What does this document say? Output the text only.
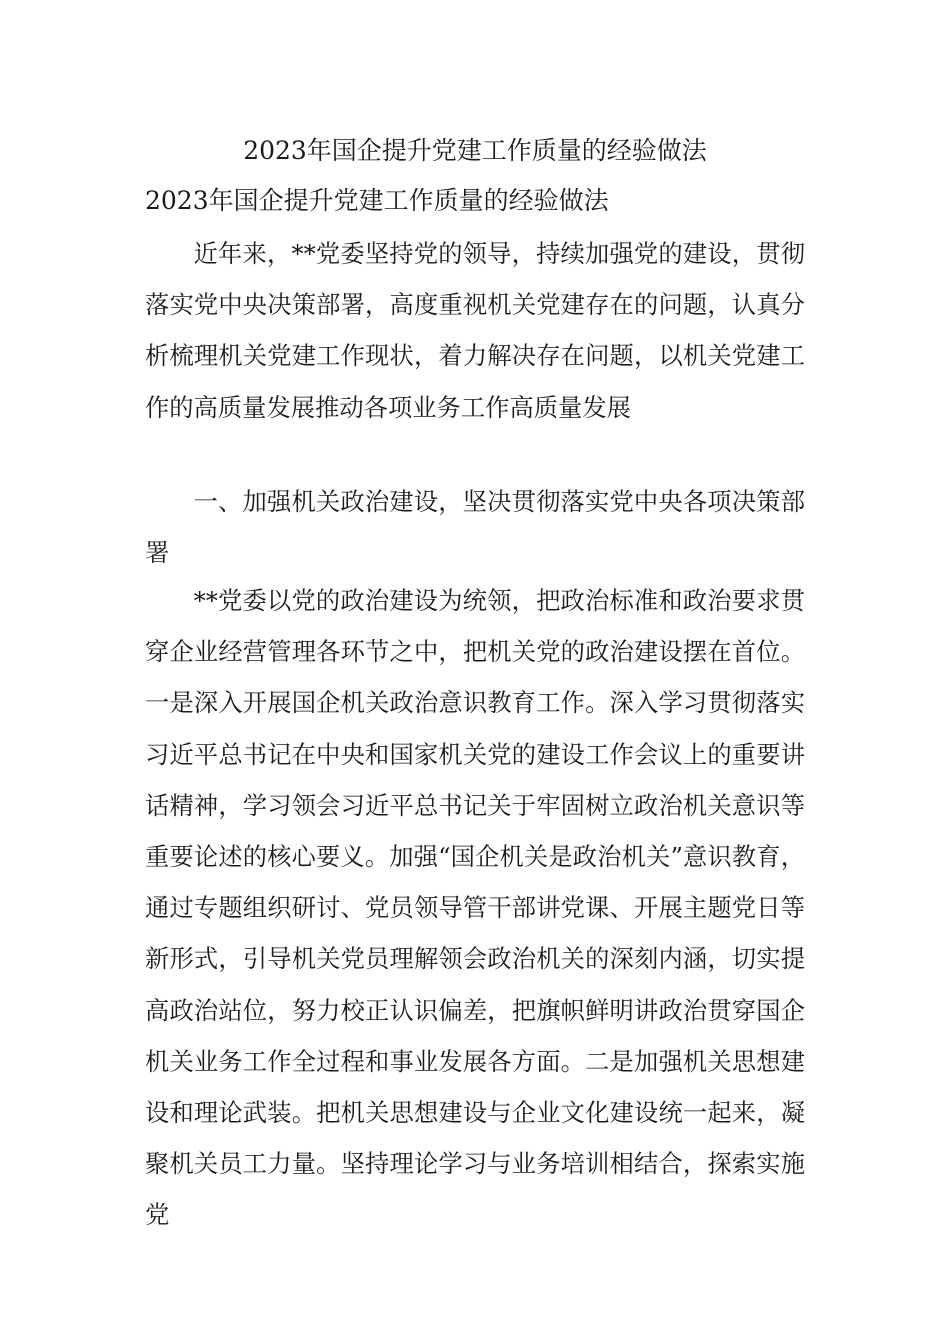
2023年国企提升党建工作质量的经验做法
2023年国企提升党建工作质量的经验做法

近年来，**党委坚持党的领导，持续加强党的建设，贯彻落实党中央决策部署，高度重视机关党建存在的问题，认真分析梳理机关党建工作现状，着力解决存在问题，以机关党建工作的高质量发展推动各项业务工作高质量发展

一、加强机关政治建设，坚决贯彻落实党中央各项决策部署

**党委以党的政治建设为统领，把政治标准和政治要求贯穿企业经营管理各环节之中，把机关党的政治建设摆在首位。一是深入开展国企机关政治意识教育工作。深入学习贯彻落实习近平总书记在中央和国家机关党的建设工作会议上的重要讲话精神，学习领会习近平总书记关于牢固树立政治机关意识等重要论述的核心要义。加强“国企机关是政治机关”意识教育，通过专题组织研讨、党员领导管干部讲党课、开展主题党日等新形式，引导机关党员理解领会政治机关的深刻内涵，切实提高政治站位，努力校正认识偏差，把旗帜鲜明讲政治贯穿国企机关业务工作全过程和事业发展各方面。二是加强机关思想建设和理论武装。把机关思想建设与企业文化建设统一起来，凝聚机关员工力量。坚持理论学习与业务培训相结合，探索实施党
